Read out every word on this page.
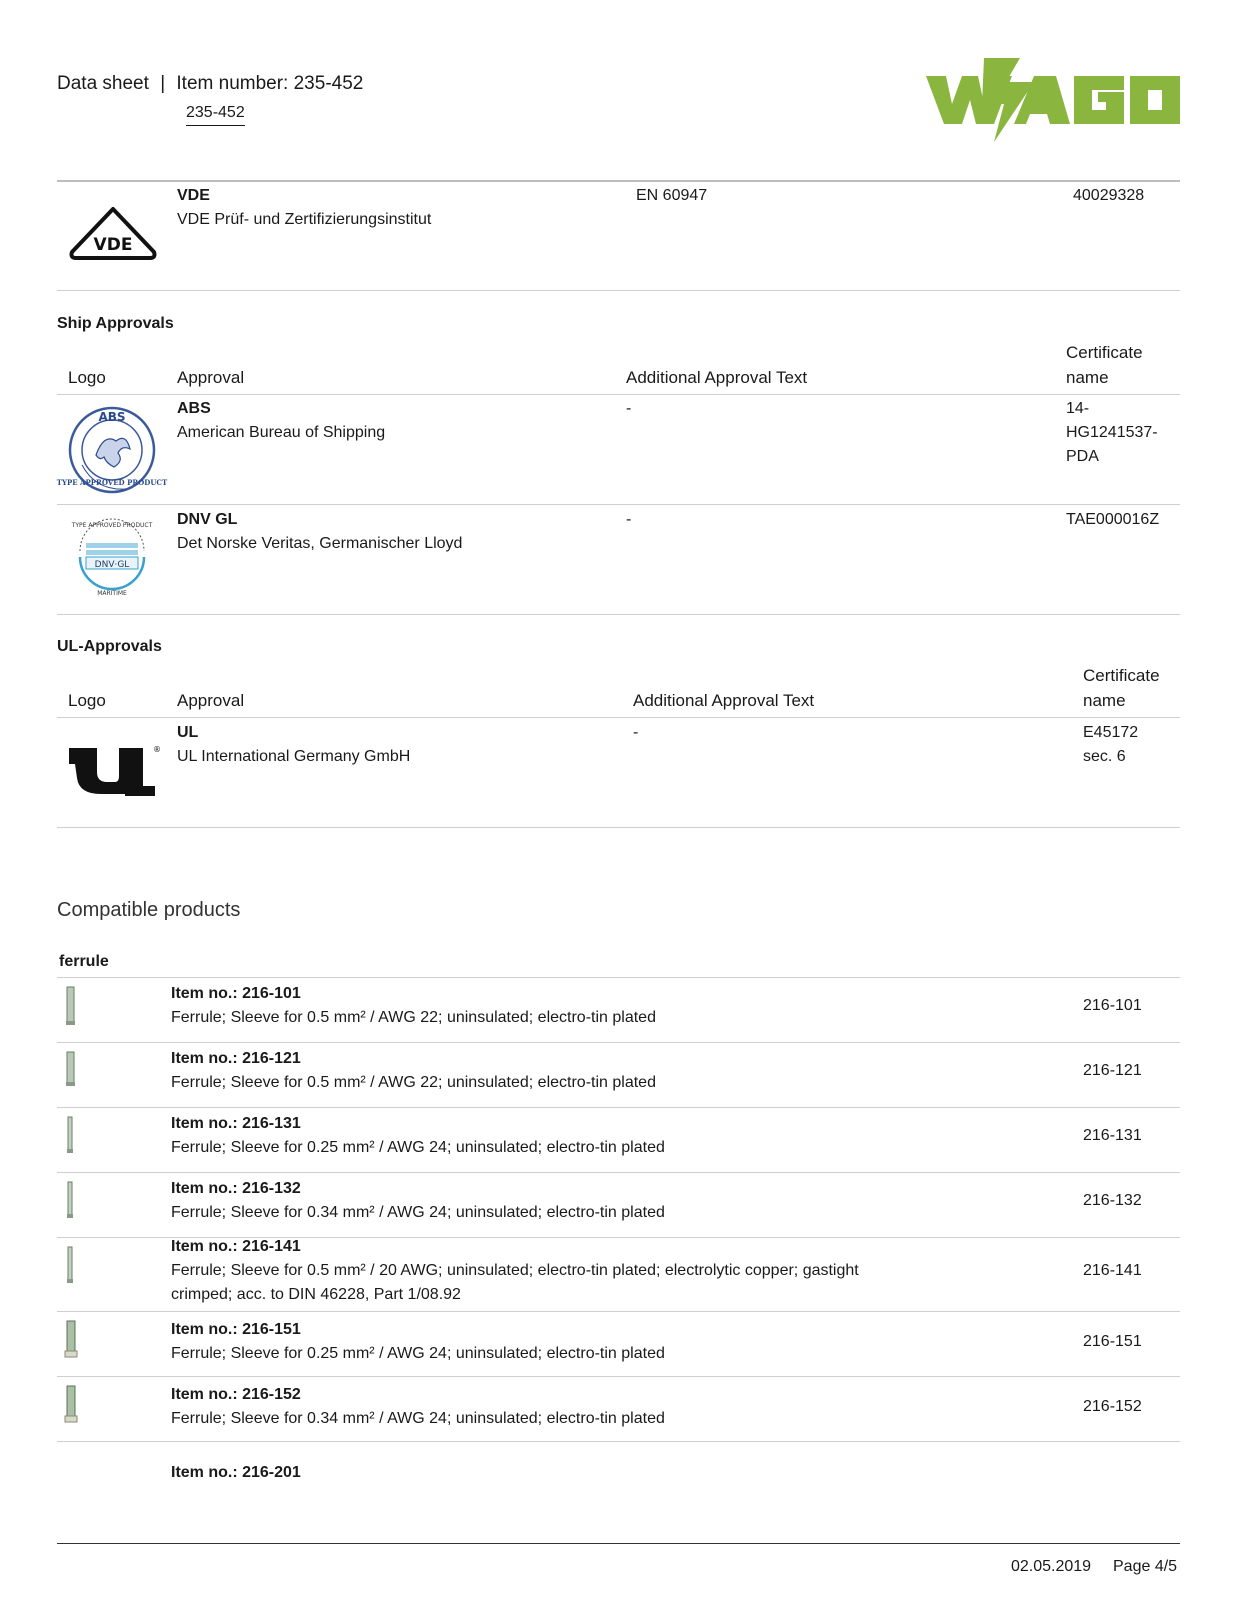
Data sheet | Item number: 235-452
235-452
VDE
VDE
VDE Prüf- und Zertifizierungsinstitut
EN 60947	40029328
Ship Approvals
Logo	Approval	Additional Approval Text
Certificate
name
ABS
TYPE APPROVED PRODUCT
ABS
American Bureau of Shipping
-	14-
HG1241537-
PDA
TYPE APPROVED PRODUCT
DNV·GL
MARITIME
DNV GL
Det Norske Veritas, Germanischer Lloyd
-	TAE000016Z
UL-Approvals
Logo	Approval	Additional Approval Text
Certificate
name
®
UL
UL International Germany GmbH
-	E45172
sec. 6
Compatible products
ferrule
Item no.: 216-101
Ferrule; Sleeve for 0.5 mm² / AWG 22; uninsulated; electro-tin plated
216-101
Item no.: 216-121
Ferrule; Sleeve for 0.5 mm² / AWG 22; uninsulated; electro-tin plated
216-121
Item no.: 216-131
Ferrule; Sleeve for 0.25 mm² / AWG 24; uninsulated; electro-tin plated
216-131
Item no.: 216-132
Ferrule; Sleeve for 0.34 mm² / AWG 24; uninsulated; electro-tin plated
216-132
Item no.: 216-141
Ferrule; Sleeve for 0.5 mm² / 20 AWG; uninsulated; electro-tin plated; electrolytic copper; gastight
crimped; acc. to DIN 46228, Part 1/08.92
216-141
Item no.: 216-151
Ferrule; Sleeve for 0.25 mm² / AWG 24; uninsulated; electro-tin plated
216-151
Item no.: 216-152
Ferrule; Sleeve for 0.34 mm² / AWG 24; uninsulated; electro-tin plated
216-152
Item no.: 216-201
02.05.2019 Page 4/5
